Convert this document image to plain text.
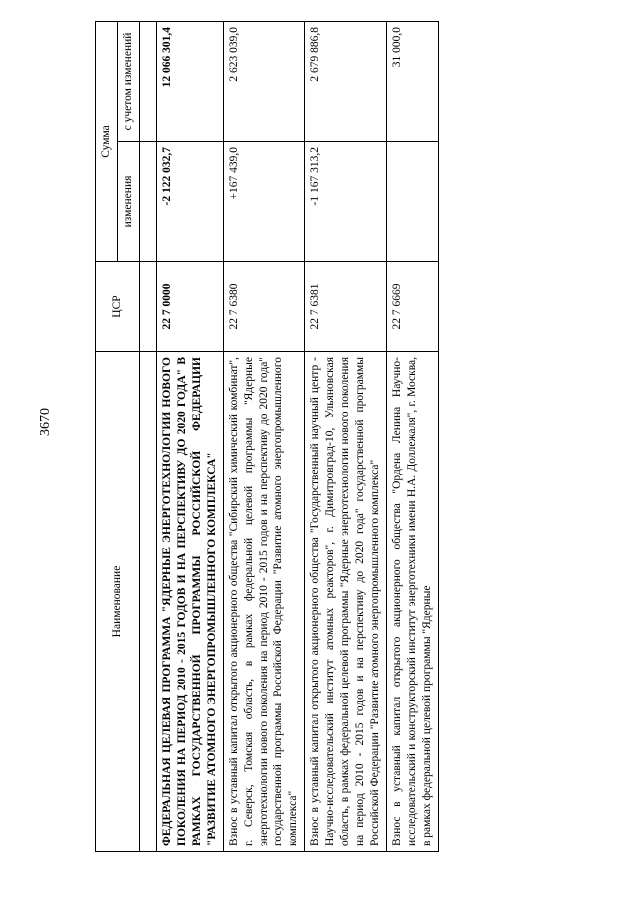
3670
Наименование	ЦСР	Сумма	
		изменения	с учетом изменений

ФЕДЕРАЛЬНАЯ ЦЕЛЕВАЯ ПРОГРАММА "ЯДЕРНЫЕ ЭНЕРГОТЕХНОЛОГИИ НОВОГО ПОКОЛЕНИЯ НА ПЕРИОД 2010 - 2015 ГОДОВ И НА ПЕРСПЕКТИВУ ДО 2020 ГОДА" В РАМКАХ ГОСУДАРСТВЕННОЙ ПРОГРАММЫ РОССИЙСКОЙ ФЕДЕРАЦИИ "РАЗВИТИЕ АТОМНОГО ЭНЕРГОПРОМЫШЛЕННОГО КОМПЛЕКСА"	22 7 0000	-2 122 032,7	12 066 301,4
Взнос в уставный капитал открытого акционерного общества "Сибирский химический комбинат", г. Северск, Томская область, в рамках федеральной целевой программы "Ядерные энерготехнологии нового поколения на период 2010 - 2015 годов и на перспективу до 2020 года" государственной программы Российской Федерации "Развитие атомного энергопромышленного комплекса"	22 7 6380	+167 439,0	2 623 039,0
Взнос в уставный капитал открытого акционерного общества "Государственный научный центр - Научно-исследовательский институт атомных реакторов", г. Димитровград-10, Ульяновская область, в рамках федеральной целевой программы "Ядерные энерготехнологии нового поколения на период 2010 - 2015 годов и на перспективу до 2020 года" государственной программы Российской Федерации "Развитие атомного энергопромышленного комплекса"	22 7 6381	-1 167 313,2	2 679 886,8
Взнос в уставный капитал открытого акционерного общества "Ордена Ленина Научно-исследовательский и конструкторский институт энерготехники имени Н.А. Доллежаля", г. Москва, в рамках федеральной целевой программы "Ядерные	22 7 6669		31 000,0
